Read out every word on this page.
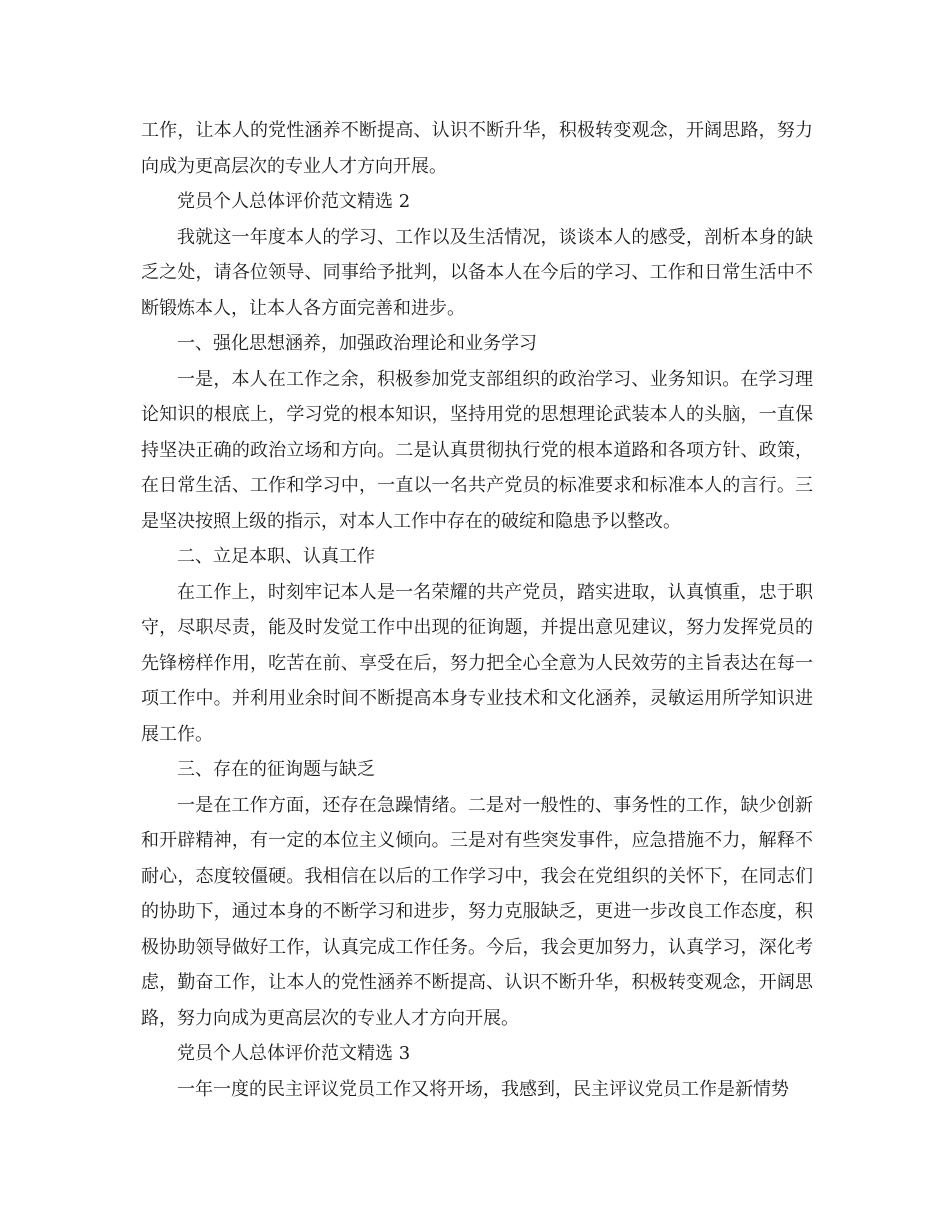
工作，让本人的党性涵养不断提高、认识不断升华，积极转变观念，开阔思路，努力向成为更高层次的专业人才方向开展。

党员个人总体评价范文精选 2

我就这一年度本人的学习、工作以及生活情况，谈谈本人的感受，剖析本身的缺乏之处，请各位领导、同事给予批判，以备本人在今后的学习、工作和日常生活中不断锻炼本人，让本人各方面完善和进步。

一、强化思想涵养，加强政治理论和业务学习

一是，本人在工作之余，积极参加党支部组织的政治学习、业务知识。在学习理论知识的根底上，学习党的根本知识，坚持用党的思想理论武装本人的头脑，一直保持坚决正确的政治立场和方向。二是认真贯彻执行党的根本道路和各项方针、政策，在日常生活、工作和学习中，一直以一名共产党员的标准要求和标准本人的言行。三是坚决按照上级的指示，对本人工作中存在的破绽和隐患予以整改。

二、立足本职、认真工作

在工作上，时刻牢记本人是一名荣耀的共产党员，踏实进取，认真慎重，忠于职守，尽职尽责，能及时发觉工作中出现的征询题，并提出意见建议，努力发挥党员的先锋榜样作用，吃苦在前、享受在后，努力把全心全意为人民效劳的主旨表达在每一项工作中。并利用业余时间不断提高本身专业技术和文化涵养，灵敏运用所学知识进展工作。

三、存在的征询题与缺乏

一是在工作方面，还存在急躁情绪。二是对一般性的、事务性的工作，缺少创新和开辟精神，有一定的本位主义倾向。三是对有些突发事件，应急措施不力，解释不耐心，态度较僵硬。我相信在以后的工作学习中，我会在党组织的关怀下，在同志们的协助下，通过本身的不断学习和进步，努力克服缺乏，更进一步改良工作态度，积极协助领导做好工作，认真完成工作任务。今后，我会更加努力，认真学习，深化考虑，勤奋工作，让本人的党性涵养不断提高、认识不断升华，积极转变观念，开阔思路，努力向成为更高层次的专业人才方向开展。

党员个人总体评价范文精选 3

一年一度的民主评议党员工作又将开场，我感到，民主评议党员工作是新情势
